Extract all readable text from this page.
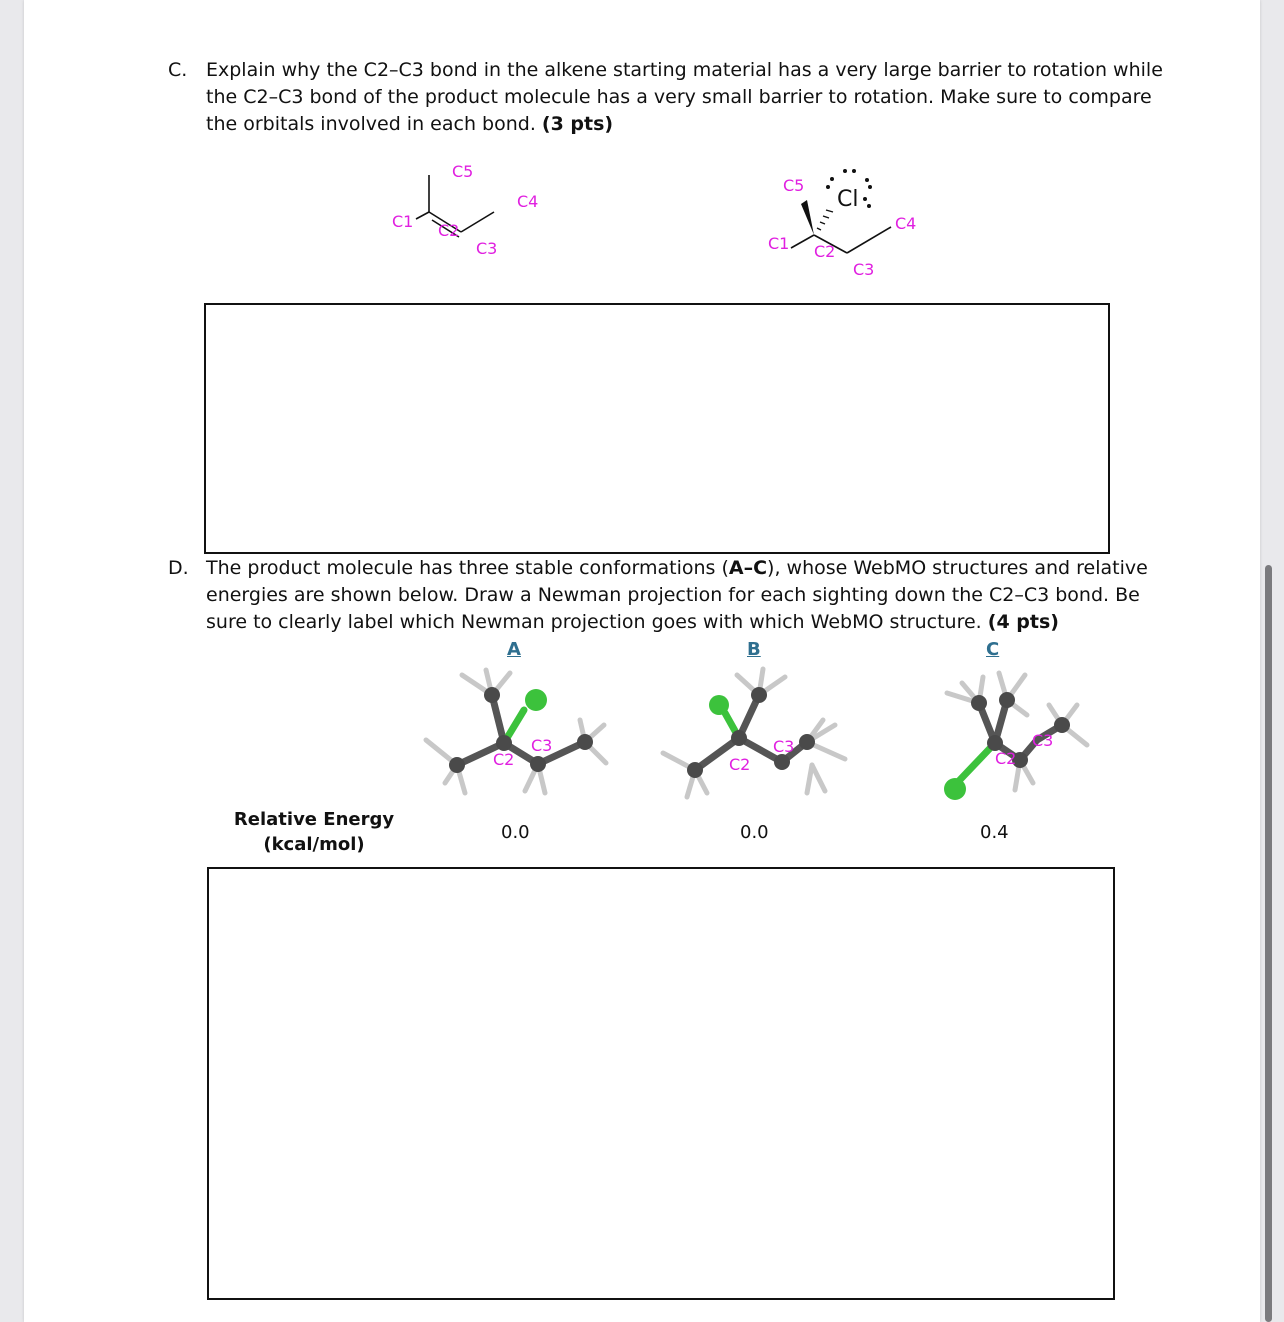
C. Explain why the C2–C3 bond in the alkene starting material has a very large barrier to rotation while
the C2–C3 bond of the product molecule has a very small barrier to rotation. Make sure to compare
the orbitals involved in each bond. (3 pts)
C1 C2
C3
C4
C5
C1 C2
C3
C4
C5
Cl
D. The product molecule has three stable conformations (A–C), whose WebMO structures and relative
energies are shown below. Draw a Newman projection for each sighting down the C2–C3 bond. Be
sure to clearly label which Newman projection goes with which WebMO structure. (4 pts)
A	B	C
C2
C3
C2
C3
C2
C3
Relative Energy
(kcal/mol)
0.0	0.0	0.4
